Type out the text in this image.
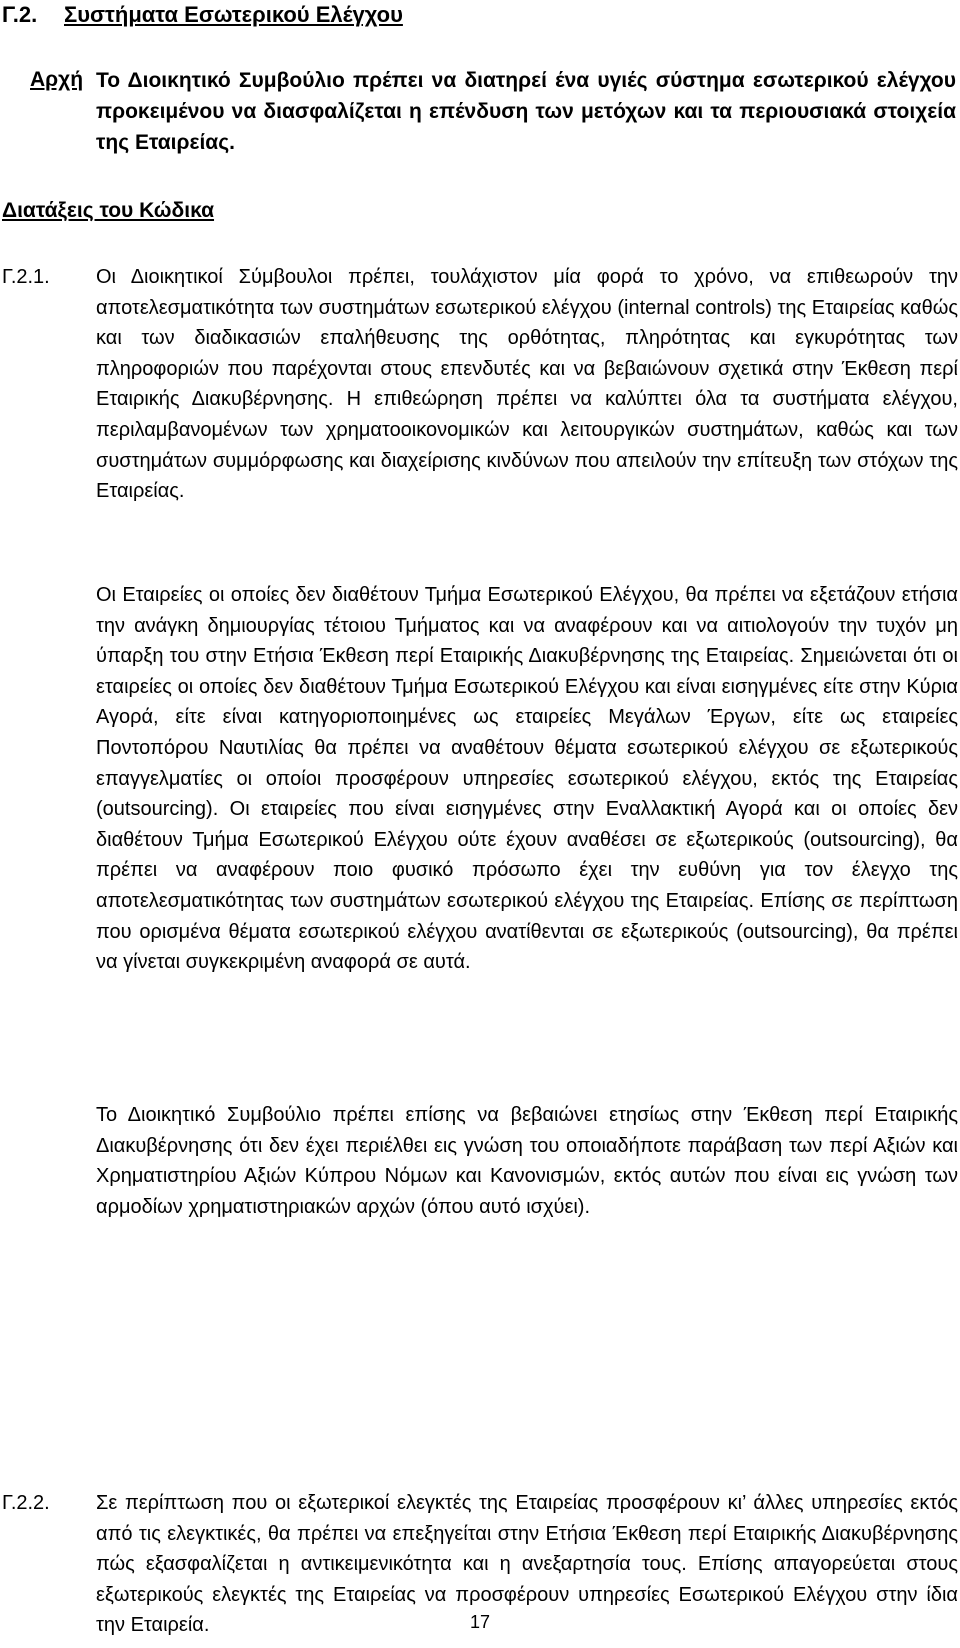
Γ.2. Συστήματα Εσωτερικού Ελέγχου
Αρχή Το Διοικητικό Συμβούλιο πρέπει να διατηρεί ένα υγιές σύστημα εσωτερικού ελέγχου προκειμένου να διασφαλίζεται η επένδυση των μετόχων και τα περιουσιακά στοιχεία της Εταιρείας.
Διατάξεις του Κώδικα
Γ.2.1. Οι Διοικητικοί Σύμβουλοι πρέπει, τουλάχιστον μία φορά το χρόνο, να επιθεωρούν την αποτελεσματικότητα των συστημάτων εσωτερικού ελέγχου (internal controls) της Εταιρείας καθώς και των διαδικασιών επαλήθευσης της ορθότητας, πληρότητας και εγκυρότητας των πληροφοριών που παρέχονται στους επενδυτές και να βεβαιώνουν σχετικά στην Έκθεση περί Εταιρικής Διακυβέρνησης. Η επιθεώρηση πρέπει να καλύπτει όλα τα συστήματα ελέγχου, περιλαμβανομένων των χρηματοοικονομικών και λειτουργικών συστημάτων, καθώς και των συστημάτων συμμόρφωσης και διαχείρισης κινδύνων που απειλούν την επίτευξη των στόχων της Εταιρείας.
Οι Εταιρείες οι οποίες δεν διαθέτουν Τμήμα Εσωτερικού Ελέγχου, θα πρέπει να εξετάζουν ετήσια την ανάγκη δημιουργίας τέτοιου Τμήματος και να αναφέρουν και να αιτιολογούν την τυχόν μη ύπαρξη του στην Ετήσια Έκθεση περί Εταιρικής Διακυβέρνησης της Εταιρείας. Σημειώνεται ότι οι εταιρείες οι οποίες δεν διαθέτουν Τμήμα Εσωτερικού Ελέγχου και είναι εισηγμένες είτε στην Κύρια Αγορά, είτε είναι κατηγοριοποιημένες ως εταιρείες Μεγάλων Έργων, είτε ως εταιρείες Ποντοπόρου Ναυτιλίας θα πρέπει να αναθέτουν θέματα εσωτερικού ελέγχου σε εξωτερικούς επαγγελματίες οι οποίοι προσφέρουν υπηρεσίες εσωτερικού ελέγχου, εκτός της Εταιρείας (outsourcing). Οι εταιρείες που είναι εισηγμένες στην Εναλλακτική Αγορά και οι οποίες δεν διαθέτουν Τμήμα Εσωτερικού Ελέγχου ούτε έχουν αναθέσει σε εξωτερικούς (outsourcing), θα πρέπει να αναφέρουν ποιο φυσικό πρόσωπο έχει την ευθύνη για τον έλεγχο της αποτελεσματικότητας των συστημάτων εσωτερικού ελέγχου της Εταιρείας. Επίσης σε περίπτωση που ορισμένα θέματα εσωτερικού ελέγχου ανατίθενται σε εξωτερικούς (outsourcing), θα πρέπει να γίνεται συγκεκριμένη αναφορά σε αυτά.
Το Διοικητικό Συμβούλιο πρέπει επίσης να βεβαιώνει ετησίως στην Έκθεση περί Εταιρικής Διακυβέρνησης ότι δεν έχει περιέλθει εις γνώση του οποιαδήποτε παράβαση των περί Αξιών και Χρηματιστηρίου Αξιών Κύπρου Νόμων και Κανονισμών, εκτός αυτών που είναι εις γνώση των αρμοδίων χρηματιστηριακών αρχών (όπου αυτό ισχύει).
Γ.2.2. Σε περίπτωση που οι εξωτερικοί ελεγκτές της Εταιρείας προσφέρουν κι’ άλλες υπηρεσίες εκτός από τις ελεγκτικές, θα πρέπει να επεξηγείται στην Ετήσια Έκθεση περί Εταιρικής Διακυβέρνησης πώς εξασφαλίζεται η αντικειμενικότητα και η ανεξαρτησία τους. Επίσης απαγορεύεται στους εξωτερικούς ελεγκτές της Εταιρείας να προσφέρουν υπηρεσίες Εσωτερικού Ελέγχου στην ίδια την Εταιρεία.	17
